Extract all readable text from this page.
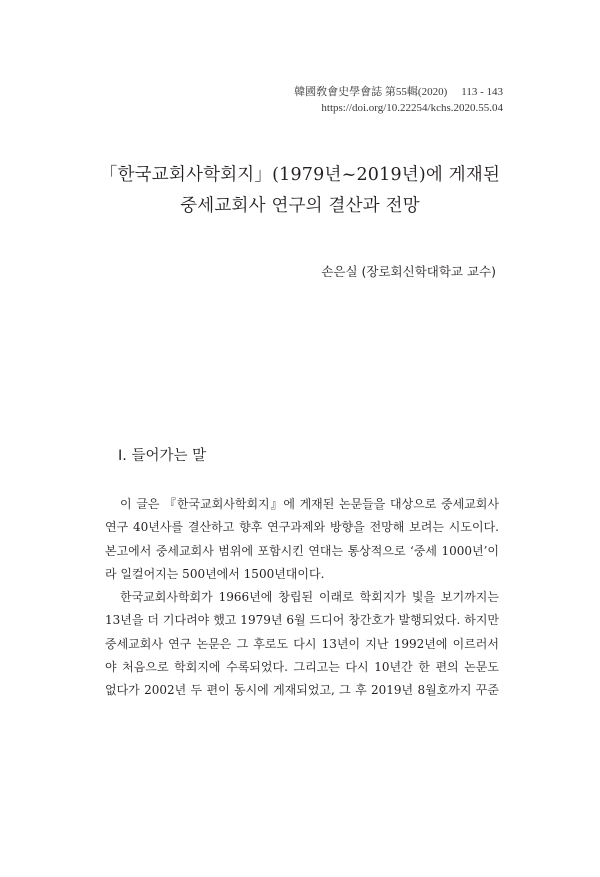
韓國敎會史學會誌 第55輯(2020) 113 - 143
https://doi.org/10.22254/kchs.2020.55.04
「한국교회사학회지」(1979년~2019년)에 게재된
중세교회사 연구의 결산과 전망
손은실 (장로회신학대학교 교수)
I. 들어가는 말
이 글은 『한국교회사학회지』에 게재된 논문들을 대상으로 중세교회사
연구 40년사를 결산하고 향후 연구과제와 방향을 전망해 보려는 시도이다.
본고에서 중세교회사 범위에 포함시킨 연대는 통상적으로 ‘중세 1000년’이
라 일컬어지는 500년에서 1500년대이다.
한국교회사학회가 1966년에 창립된 이래로 학회지가 빛을 보기까지는
13년을 더 기다려야 했고 1979년 6월 드디어 창간호가 발행되었다. 하지만
중세교회사 연구 논문은 그 후로도 다시 13년이 지난 1992년에 이르러서
야 처음으로 학회지에 수록되었다. 그리고는 다시 10년간 한 편의 논문도
없다가 2002년 두 편이 동시에 게재되었고, 그 후 2019년 8월호까지 꾸준
